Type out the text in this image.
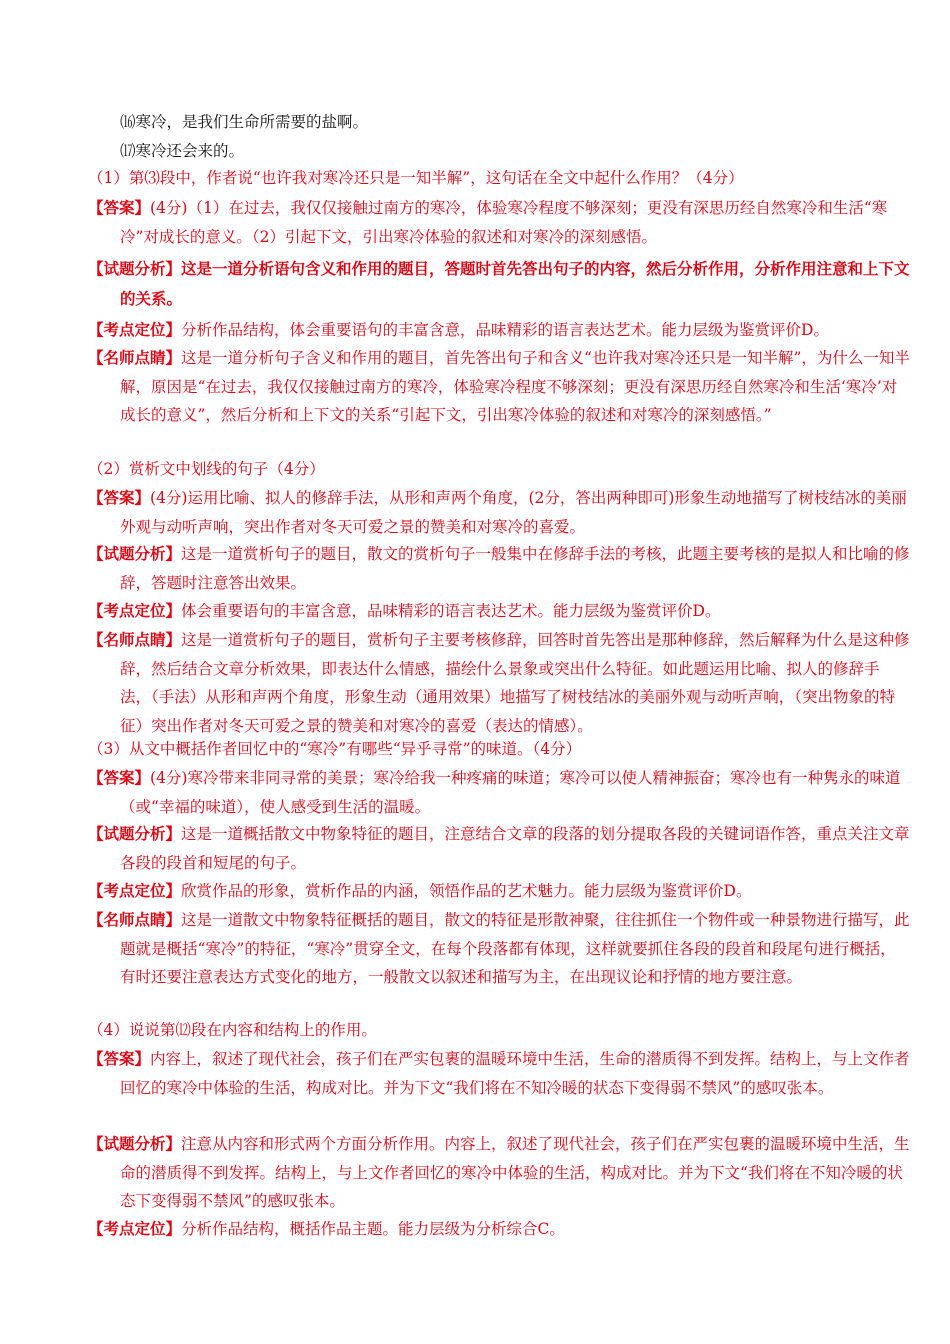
⒃寒冷，是我们生命所需要的盐啊。
⒄寒冷还会来的。
（1）第⑶段中，作者说“也许我对寒冷还只是一知半解”，这句话在全文中起什么作用？（4分）
【答案】(4分)（1）在过去，我仅仅接触过南方的寒冷，体验寒冷程度不够深刻；更没有深思历经自然寒冷和生活“寒冷”对成长的意义。（2）引起下文，引出寒冷体验的叙述和对寒冷的深刻感悟。
【试题分析】这是一道分析语句含义和作用的题目，答题时首先答出句子的内容，然后分析作用，分析作用注意和上下文的关系。
【考点定位】分析作品结构，体会重要语句的丰富含意，品味精彩的语言表达艺术。能力层级为鉴赏评价D。
【名师点睛】这是一道分析句子含义和作用的题目，首先答出句子和含义“也许我对寒冷还只是一知半解”，为什么一知半解，原因是“在过去，我仅仅接触过南方的寒冷，体验寒冷程度不够深刻；更没有深思历经自然寒冷和生活‘寒冷’对成长的意义”，然后分析和上下文的关系“引起下文，引出寒冷体验的叙述和对寒冷的深刻感悟。”
（2）赏析文中划线的句子（4分）
【答案】(4分)运用比喻、拟人的修辞手法，从形和声两个角度，(2分，答出两种即可)形象生动地描写了树枝结冰的美丽外观与动听声响，突出作者对冬天可爱之景的赞美和对寒冷的喜爱。
【试题分析】这是一道赏析句子的题目，散文的赏析句子一般集中在修辞手法的考核，此题主要考核的是拟人和比喻的修辞，答题时注意答出效果。
【考点定位】体会重要语句的丰富含意，品味精彩的语言表达艺术。能力层级为鉴赏评价D。
【名师点睛】这是一道赏析句子的题目，赏析句子主要考核修辞，回答时首先答出是那种修辞，然后解释为什么是这种修辞，然后结合文章分析效果，即表达什么情感，描绘什么景象或突出什么特征。如此题运用比喻、拟人的修辞手法，（手法）从形和声两个角度，形象生动（通用效果）地描写了树枝结冰的美丽外观与动听声响，（突出物象的特征）突出作者对冬天可爱之景的赞美和对寒冷的喜爱（表达的情感）。
（3）从文中概括作者回忆中的“寒冷”有哪些“异乎寻常”的味道。（4分）
【答案】(4分)寒冷带来非同寻常的美景；寒冷给我一种疼痛的味道；寒冷可以使人精神振奋；寒冷也有一种隽永的味道（或“幸福的味道），使人感受到生活的温暖。
【试题分析】这是一道概括散文中物象特征的题目，注意结合文章的段落的划分提取各段的关键词语作答，重点关注文章各段的段首和短尾的句子。
【考点定位】欣赏作品的形象，赏析作品的内涵，领悟作品的艺术魅力。能力层级为鉴赏评价D。
【名师点睛】这是一道散文中物象特征概括的题目，散文的特征是形散神聚，往往抓住一个物件或一种景物进行描写，此题就是概括“寒冷”的特征，“寒冷”贯穿全文，在每个段落都有体现，这样就要抓住各段的段首和段尾句进行概括，有时还要注意表达方式变化的地方，一般散文以叙述和描写为主，在出现议论和抒情的地方要注意。
（4）说说第⑿段在内容和结构上的作用。
【答案】内容上，叙述了现代社会，孩子们在严实包裹的温暖环境中生活，生命的潜质得不到发挥。结构上，与上文作者回忆的寒冷中体验的生活，构成对比。并为下文“我们将在不知冷暖的状态下变得弱不禁风”的感叹张本。
【试题分析】注意从内容和形式两个方面分析作用。内容上，叙述了现代社会，孩子们在严实包裹的温暖环境中生活，生命的潜质得不到发挥。结构上，与上文作者回忆的寒冷中体验的生活，构成对比。并为下文“我们将在不知冷暖的状态下变得弱不禁风”的感叹张本。
【考点定位】分析作品结构，概括作品主题。能力层级为分析综合C。
